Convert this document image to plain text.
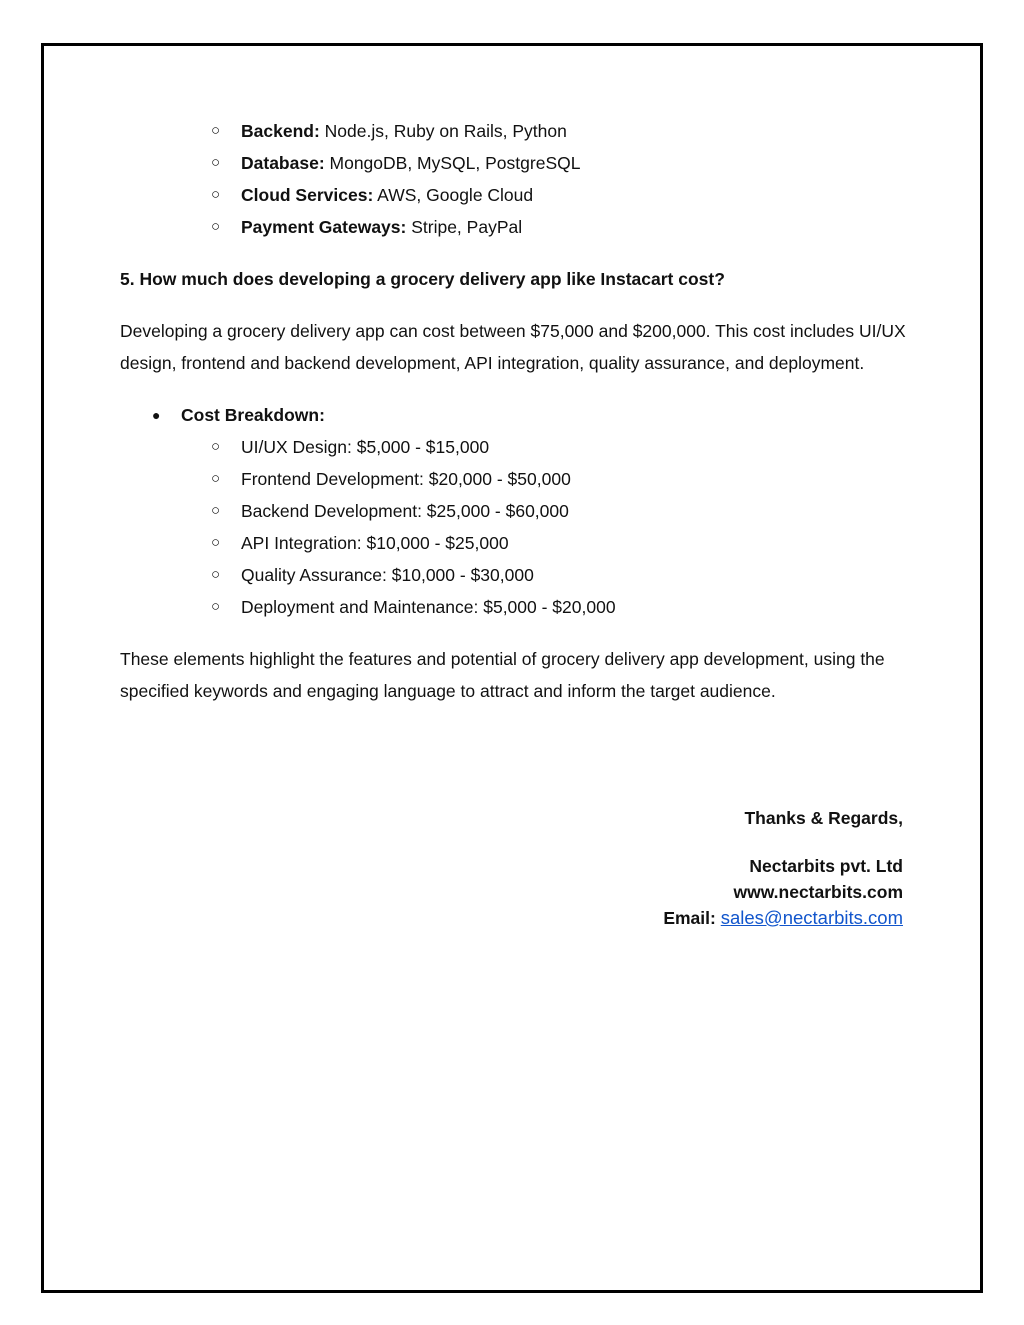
○ Backend: Node.js, Ruby on Rails, Python
○ Database: MongoDB, MySQL, PostgreSQL
○ Cloud Services: AWS, Google Cloud
○ Payment Gateways: Stripe, PayPal

5. How much does developing a grocery delivery app like Instacart cost?

Developing a grocery delivery app can cost between $75,000 and $200,000. This cost includes UI/UX design, frontend and backend development, API integration, quality assurance, and deployment.

● Cost Breakdown:
○ UI/UX Design: $5,000 - $15,000
○ Frontend Development: $20,000 - $50,000
○ Backend Development: $25,000 - $60,000
○ API Integration: $10,000 - $25,000
○ Quality Assurance: $10,000 - $30,000
○ Deployment and Maintenance: $5,000 - $20,000

These elements highlight the features and potential of grocery delivery app development, using the specified keywords and engaging language to attract and inform the target audience.

Thanks & Regards,
Nectarbits pvt. Ltd
www.nectarbits.com
Email: sales@nectarbits.com
